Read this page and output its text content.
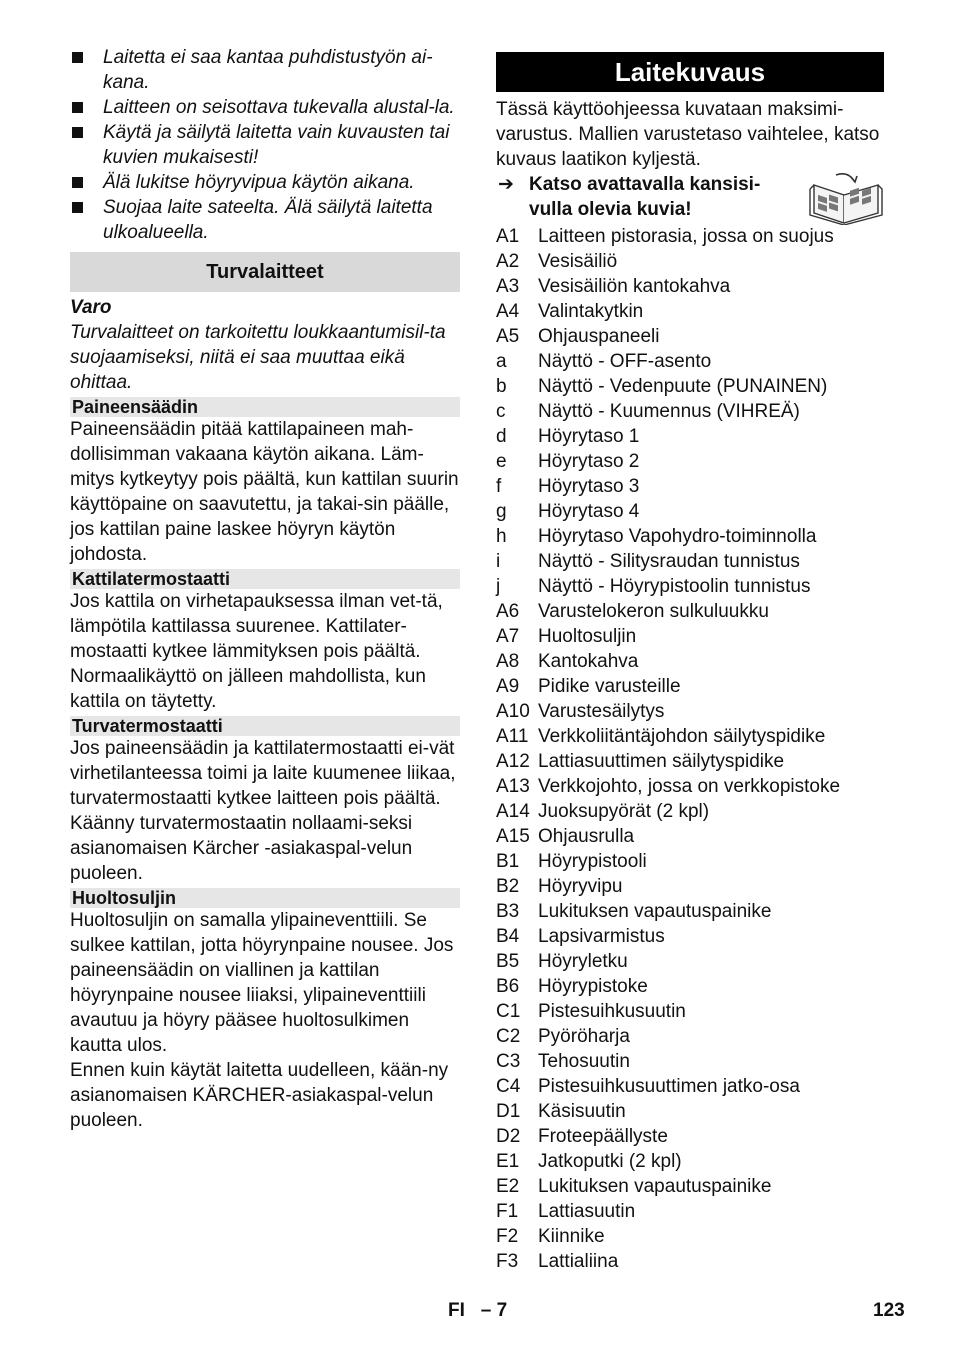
Laitetta ei saa kantaa puhdistustyön ai-kana.
Laitteen on seisottava tukevalla alustal-la.
Käytä ja säilytä laitetta vain kuvausten tai kuvien mukaisesti!
Älä lukitse höyryvipua käytön aikana.
Suojaa laite sateelta. Älä säilytä laitetta ulkoalueella.
Turvalaitteet
Varo
Turvalaitteet on tarkoitettu loukkaantumisil-ta suojaamiseksi, niitä ei saa muuttaa eikä ohittaa.
Paineensäädin
Paineensäädin pitää kattilapaineen mah-dollisimman vakaana käytön aikana. Läm-mitys kytkeytyy pois päältä, kun kattilan suurin käyttöpaine on saavutettu, ja takai-sin päälle, jos kattilan paine laskee höyryn käytön johdosta.
Kattilatermostaatti
Jos kattila on virhetapauksessa ilman vet-tä, lämpötila kattilassa suurenee. Kattilater-mostaatti kytkee lämmityksen pois päältä. Normaalikäyttö on jälleen mahdollista, kun kattila on täytetty.
Turvatermostaatti
Jos paineensäädin ja kattilatermostaatti ei-vät virhetilanteessa toimi ja laite kuumenee liikaa, turvatermostaatti kytkee laitteen pois päältä. Käänny turvatermostaatin nollaami-seksi asianomaisen Kärcher -asiakaspal-velun puoleen.
Huoltosuljin
Huoltosuljin on samalla ylipaineventtiili. Se sulkee kattilan, jotta höyrynpaine nousee. Jos paineensäädin on viallinen ja kattilan höyrynpaine nousee liiaksi, ylipaineventtiili avautuu ja höyry pääsee huoltosulkimen kautta ulos.
Ennen kuin käytät laitetta uudelleen, kään-ny asianomaisen KÄRCHER-asiakaspal-velun puoleen.
Laitekuvaus
Tässä käyttöohjeessa kuvataan maksimi-varustus. Mallien varustetaso vaihtelee, katso kuvaus laatikon kyljestä.
➔ Katso avattavalla kansisi-vulla olevia kuvia!
A1 Laitteen pistorasia, jossa on suojus
A2 Vesisäiliö
A3 Vesisäiliön kantokahva
A4 Valintakytkin
A5 Ohjauspaneeli
a	Näyttö - OFF-asento
b	Näyttö - Vedenpuute (PUNAINEN)
c	Näyttö - Kuumennus (VIHREÄ)
d	Höyrytaso 1
e	Höyrytaso 2
f	Höyrytaso 3
g	Höyrytaso 4
h	Höyrytaso Vapohydro-toiminnolla
i	Näyttö - Silitysraudan tunnistus
j	Näyttö - Höyrypistoolin tunnistus
A6 Varustelokeron sulkuluukku
A7 Huoltosuljin
A8 Kantokahva
A9 Pidike varusteille
A10 Varustesäilytys
A11 Verkkoliitäntäjohdon säilytyspidike
A12 Lattiasuuttimen säilytyspidike
A13 Verkkojohto, jossa on verkkopistoke
A14 Juoksupyörät (2 kpl)
A15 Ohjausrulla
B1 Höyrypistooli
B2 Höyryvipu
B3 Lukituksen vapautuspainike
B4 Lapsivarmistus
B5 Höyryletku
B6 Höyrypistoke
C1 Pistesuihkusuutin
C2 Pyöröharja
C3 Tehosuutin
C4 Pistesuihkusuuttimen jatko-osa
D1 Käsisuutin
D2 Froteepäällyste
E1 Jatkoputki (2 kpl)
E2 Lukituksen vapautuspainike
F1	Lattiasuutin
F2	Kiinnike
F3	Lattialiina
FI – 7	123
